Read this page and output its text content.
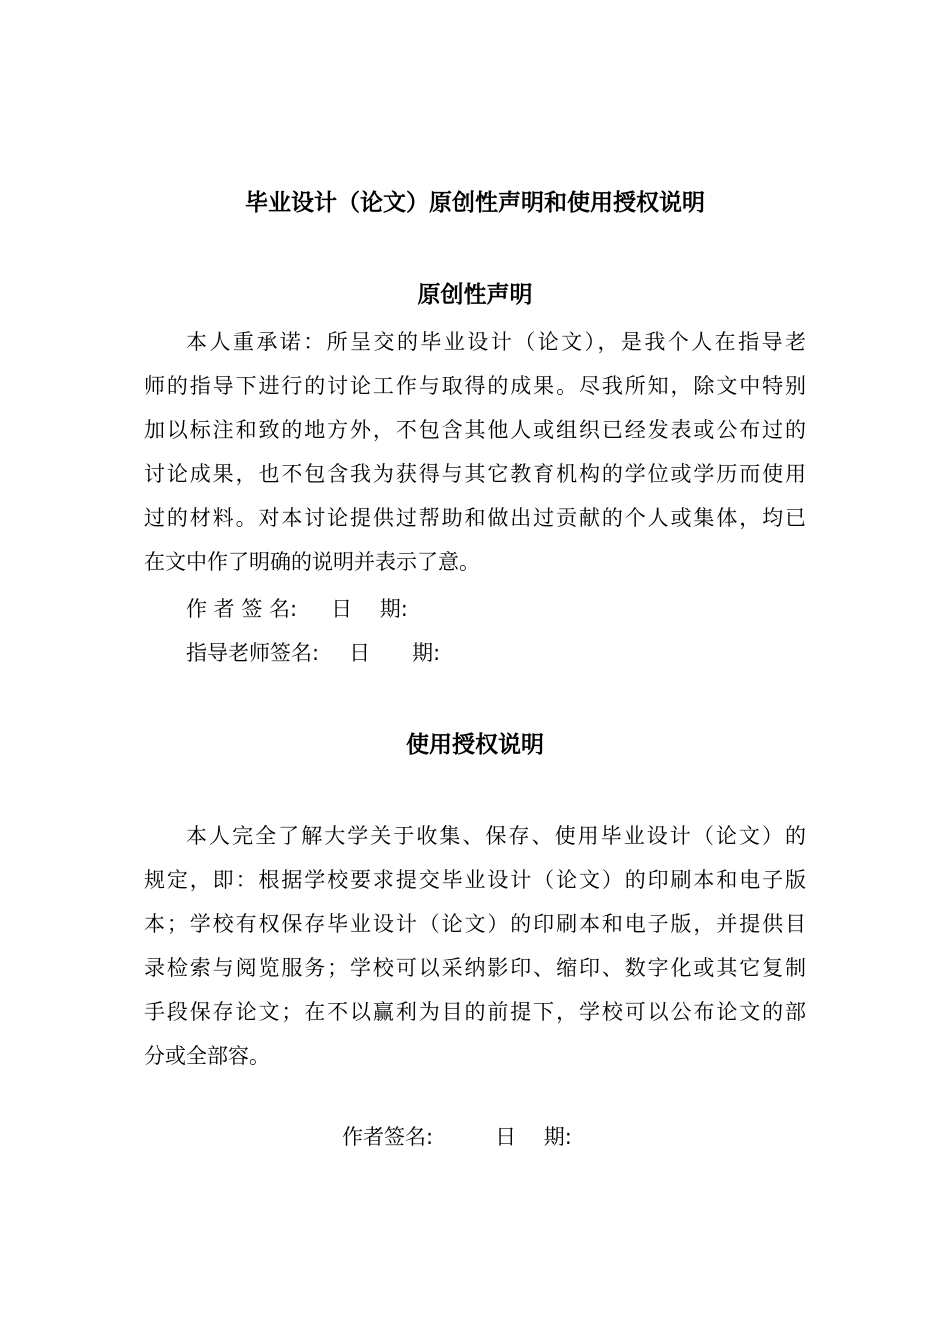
毕业设计（论文）原创性声明和使用授权说明
原创性声明
本人重承诺：所呈交的毕业设计（论文），是我个人在指导老
师的指导下进行的讨论工作与取得的成果。尽我所知，除文中特别
加以标注和致的地方外，不包含其他人或组织已经发表或公布过的
讨论成果，也不包含我为获得与其它教育机构的学位或学历而使用
过的材料。对本讨论提供过帮助和做出过贡献的个人或集体，均已
在文中作了明确的说明并表示了意。
作 者 签 名: 日　 期:
指导老师签名: 日　　期:
使用授权说明
本人完全了解大学关于收集、保存、使用毕业设计（论文）的
规定，即：根据学校要求提交毕业设计（论文）的印刷本和电子版
本；学校有权保存毕业设计（论文）的印刷本和电子版，并提供目
录检索与阅览服务；学校可以采纳影印、缩印、数字化或其它复制
手段保存论文；在不以赢利为目的前提下，学校可以公布论文的部
分或全部容。
作者签名:	日　 期:
